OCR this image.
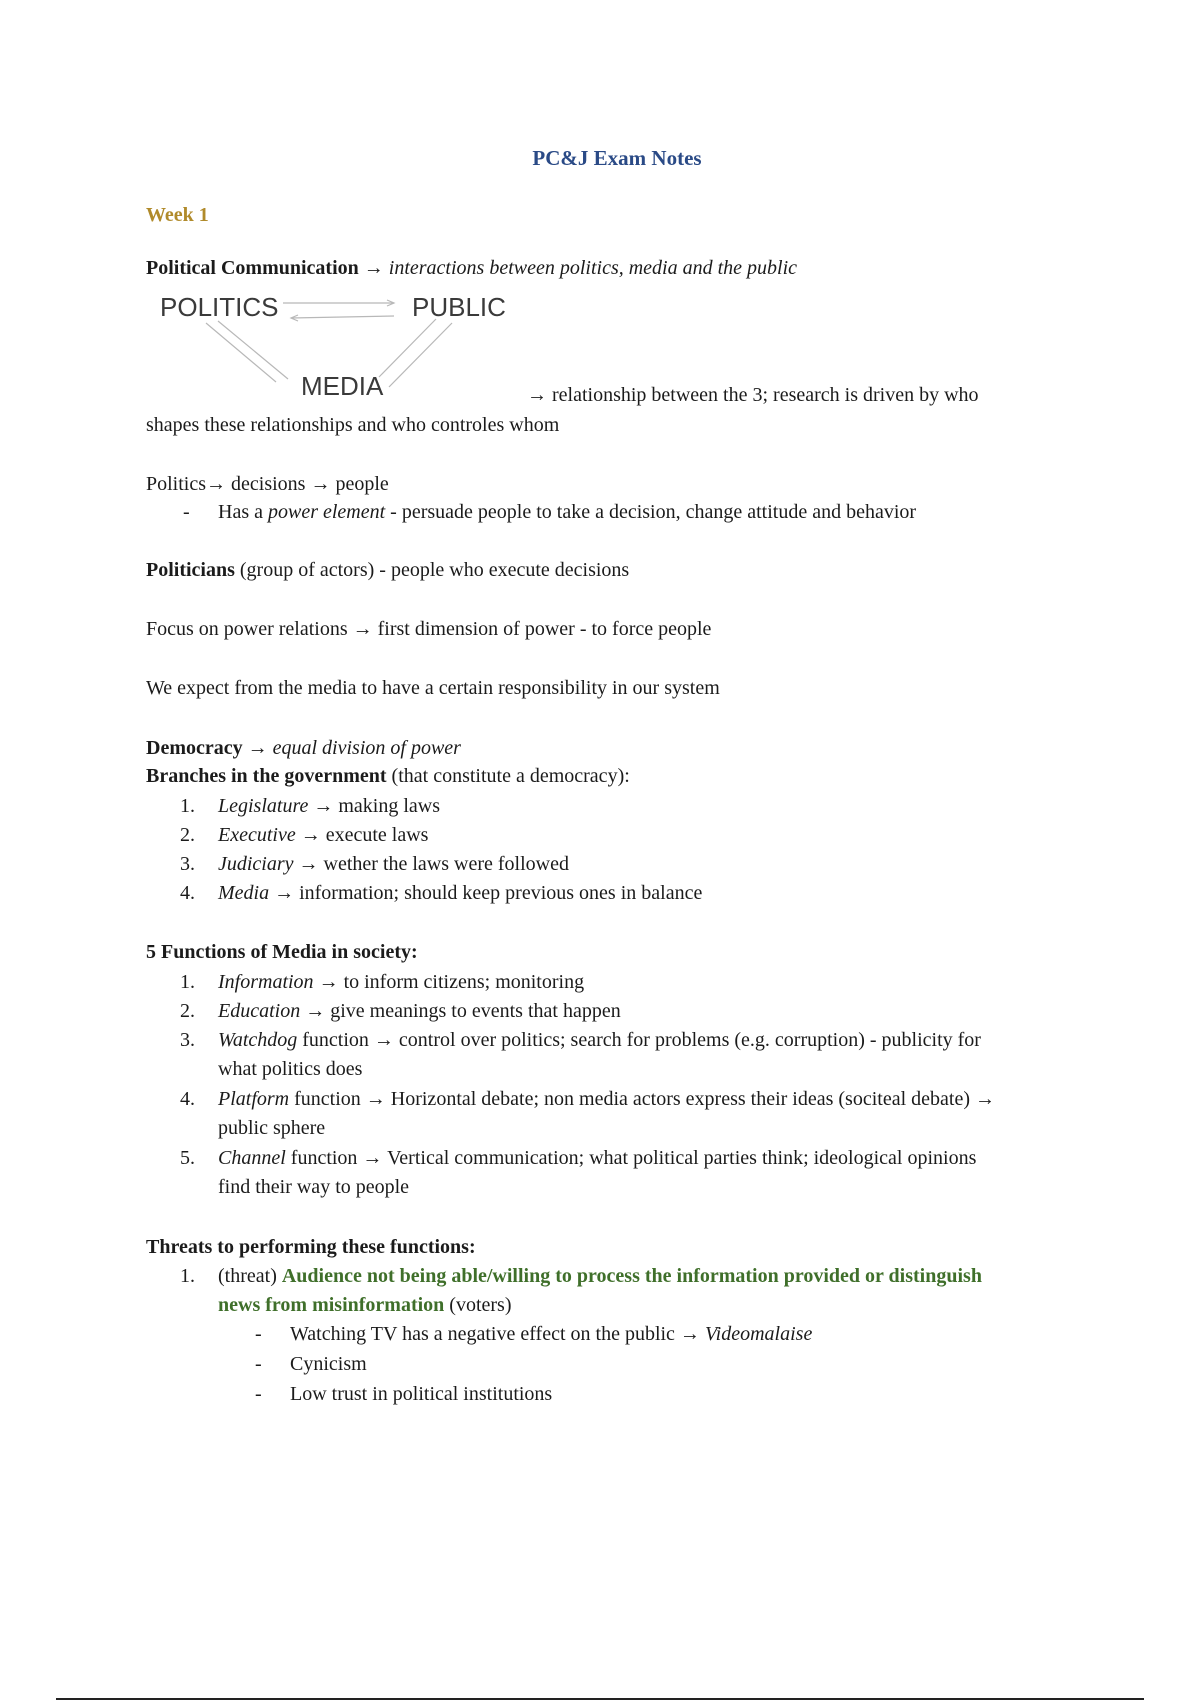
PC&J Exam Notes
Week 1
Political Communication → interactions between politics, media and the public
POLITICS	PUBLIC
MEDIA	→ relationship between the 3; research is driven by who
shapes these relationships and who controles whom
Politics→ decisions → people
- Has a power element - persuade people to take a decision, change attitude and behavior
Politicians (group of actors) - people who execute decisions
Focus on power relations → first dimension of power - to force people
We expect from the media to have a certain responsibility in our system
Democracy → equal division of power
Branches in the government (that constitute a democracy):
1. Legislature → making laws
2. Executive → execute laws
3. Judiciary → wether the laws were followed
4. Media → information; should keep previous ones in balance
5 Functions of Media in society:
1. Information → to inform citizens; monitoring
2. Education → give meanings to events that happen
3. Watchdog function → control over politics; search for problems (e.g. corruption) - publicity for
what politics does
4. Platform function → Horizontal debate; non media actors express their ideas (sociteal debate) →
public sphere
5. Channel function → Vertical communication; what political parties think; ideological opinions
find their way to people
Threats to performing these functions:
1. (threat) Audience not being able/willing to process the information provided or distinguish
news from misinformation (voters)
- Watching TV has a negative effect on the public → Videomalaise
- Cynicism
- Low trust in political institutions
